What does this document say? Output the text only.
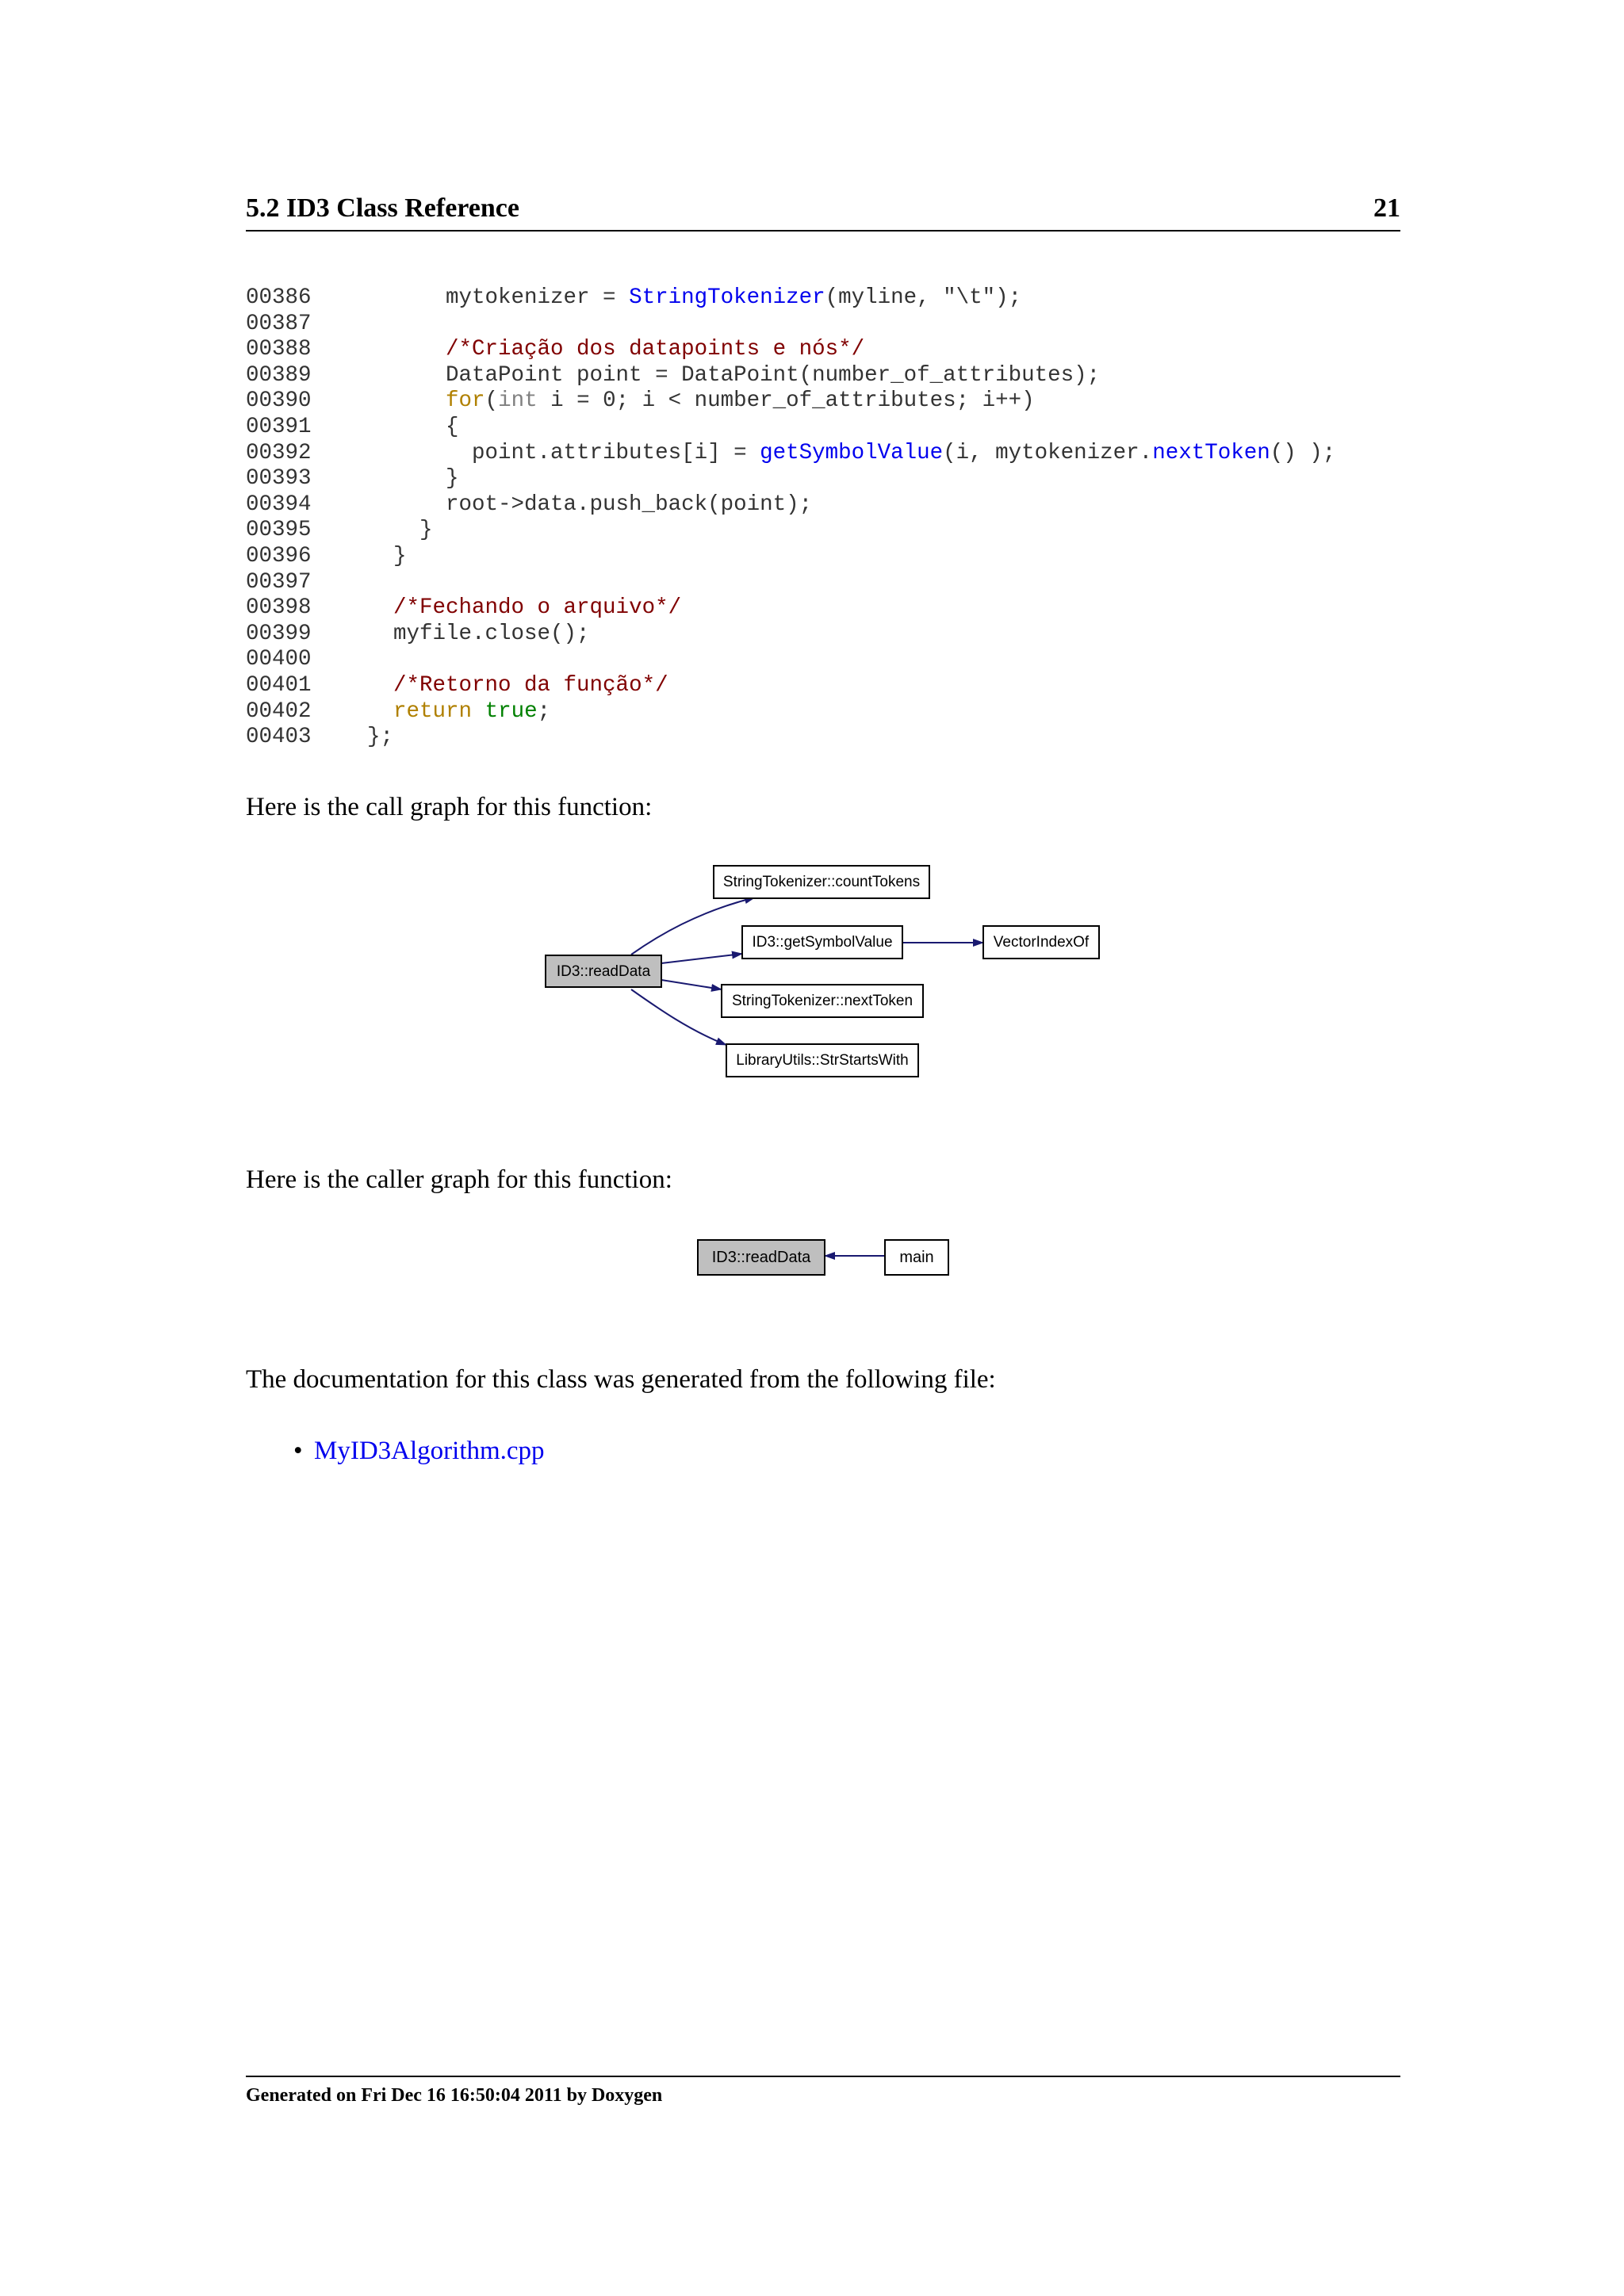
5.2 ID3 Class Reference	21
00386        mytokenizer = StringTokenizer(myline, "\t");
00387
00388	/*Criação dos datapoints e nós*/
00389        DataPoint point = DataPoint(number_of_attributes);
00390	for(int i = 0; i < number_of_attributes; i++)
00391        {
00392          point.attributes[i] = getSymbolValue(i, mytokenizer.nextToken() );
00393        }
00394        root->data.push_back(point);
00395      }
00396    }
00397
00398	/*Fechando o arquivo*/
00399    myfile.close();
00400
00401	/*Retorno da função*/
00402	return true;
00403  };
Here is the call graph for this function:
ID3::readData
StringTokenizer::countTokens
ID3::getSymbolValue	VectorIndexOf
StringTokenizer::nextToken
LibraryUtils::StrStartsWith
ID3::readData	main
Here is the caller graph for this function:
The documentation for this class was generated from the following file:
• MyID3Algorithm.cpp
Generated on Fri Dec 16 16:50:04 2011 by Doxygen
